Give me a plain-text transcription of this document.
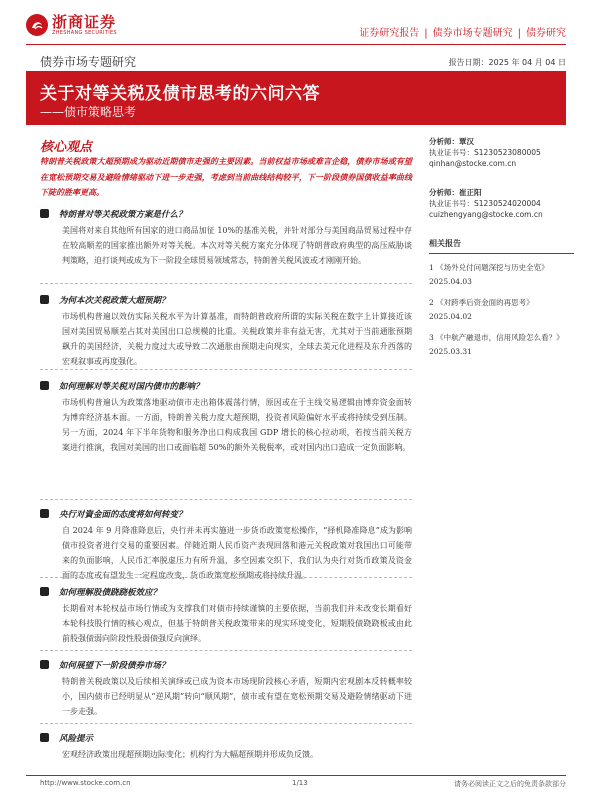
浙商证券
ZHESHANG SECURITIES	证券研究报告 | 债券市场专题研究 | 债券研究
债券市场专题研究	报告日期：2025 年 04 月 04 日
关于对等关税及债市思考的六问六答
——债市策略思考
核心观点
特朗普关税政策大超预期成为驱动近期债市走强的主要因素。当前权益市场或难言企稳，债券市场或有望在宽松预期交易及避险情绪驱动下进一步走强，考虑到当前曲线结构较平，下一阶段债券国债收益率曲线下陡的胜率更高。
特朗普对等关税政策方案是什么？
美国将对来自其他所有国家的进口商品加征 10%的基准关税，并针对部分与美国商品贸易过程中存在较高顺差的国家推出额外对等关税。本次对等关税方案充分体现了特朗普政府典型的高压威胁谈判策略，迫打谈判或成为下一阶段全球贸易领域常态，特朗普关税风波或才刚刚开始。
为何本次关税政策大超预期？
市场机构普遍以效仿实际关税水平为计算基准，而特朗普政府所谓的实际关税在数字上计算接近该国对美国贸易顺差占其对美国出口总规模的比重。关税政策并非有益无害，尤其对于当前通胀预期飙升的美国经济，关税力度过大或导致二次通胀由预期走向现实，全球去美元化进程及东升西落的宏观叙事或再度强化。
如何理解对等关税对国内债市的影响？
市场机构普遍认为政策落地驱动债市走出箱体震荡行情，原因或在于主线交易逻辑由博弈资金面转为博弈经济基本面。一方面，特朗普关税力度大超预期，投资者风险偏好水平或将持续受到压制。另一方面，2024 年下半年货物和服务净出口构成我国 GDP 增长的核心拉动项，若按当前关税方案进行推演，我国对美国的出口或面临超 50%的额外关税税率，或对国内出口造成一定负面影响。
央行对資金面的态度将如何转变？
自 2024 年 9 月降准降息后，央行并未再实施进一步货币政策宽松操作，“择机降准降息”成为影响债市投资者进行交易的重要因素。伴随近期人民币资产表现回落和港元关税政策对我国出口可能带来的负面影响，人民币汇率脱虚压力有所升温，多空因素交织下，我们认为央行对货币政策及资金面的态度或有望发生一定程度改变，货币政策宽松预期或将持续升温。
如何理解股债跷跷板效应？
长期看对本轮权益市场行情或为支撑我们对债市持续谨慎的主要依据，当前我们并未改变长期看好本轮科技股行情的核心观点，但基于特朗普关税政策带来的现实环境变化，短期股债跷跷板或由此前股强债弱向阶段性股弱债强反向演绎。
如何展望下一阶段债券市场？
特朗普关税政策以及后续相关演绎或已成为资本市场现阶段核心矛盾，短期内宏观剧本反转概率较小，国内债市已经明显从“逆风期”转向“顺风期”，债市或有望在宽松预期交易及避险情绪驱动下进一步走强。
风险提示
宏观经济政策出现超预期边际变化；机构行为大幅超预期并形成负反馈。
分析师：覃汉
执业证书号：S1230523080005
qinhan@stocke.com.cn
分析师：崔正阳
执业证书号：S1230524020004
cuizhengyang@stocke.com.cn
相关报告
1 《场外兑付问题深挖与历史全览》 2025.04.03
2 《对跨季后资金面的再思考》 2025.04.02
3 《中航产融退市，信用风险怎么看？》 2025.03.31
http://www.stocke.com.cn	1/13	请务必阅读正文之后的免责条款部分
